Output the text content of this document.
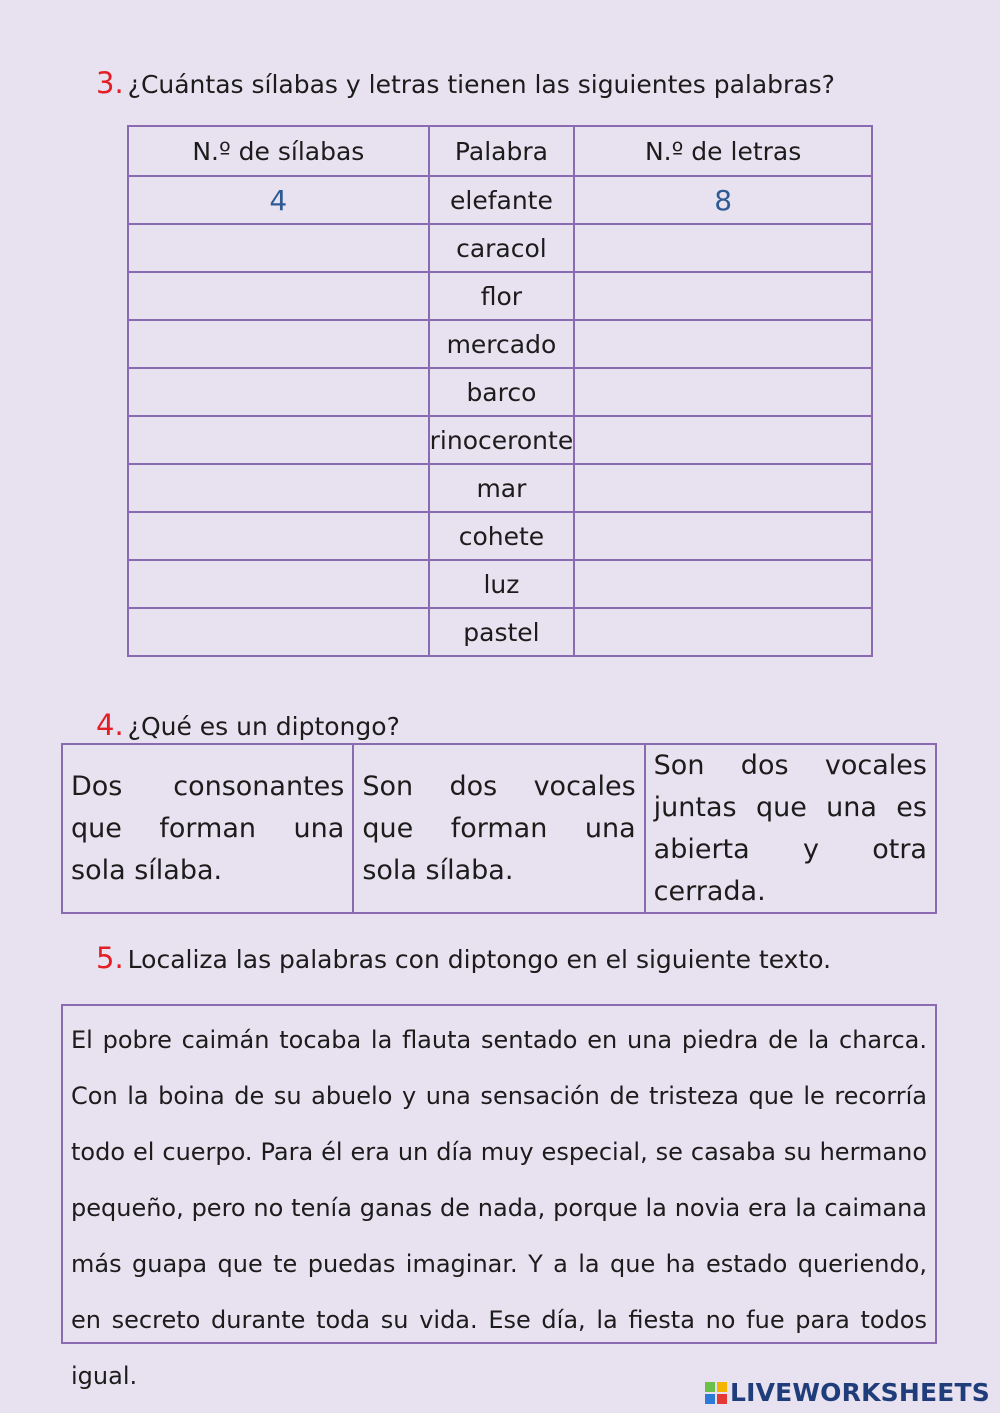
3. ¿Cuántas sílabas y letras tienen las siguientes palabras?
N.º de sílabas	Palabra	N.º de letras
4	elefante	8
	caracol	
	flor	
	mercado	
	barco	
	rinoceronte	
	mar	
	cohete	
	luz	
	pastel	
4. ¿Qué es un diptongo?
Dos consonantes que forman una sola sílaba.
Son dos vocales que forman una sola sílaba.
Son dos vocales juntas que una es abierta y otra cerrada.
5. Localiza las palabras con diptongo en el siguiente texto.
El pobre caimán tocaba la flauta sentado en una piedra de la charca. Con la boina de su abuelo y una sensación de tristeza que le recorría todo el cuerpo. Para él era un día muy especial, se casaba su hermano pequeño, pero no tenía ganas de nada, porque la novia era la caimana más guapa que te puedas imaginar. Y a la que ha estado queriendo, en secreto durante toda su vida. Ese día, la fiesta no fue para todos igual.
LIVEWORKSHEETS
